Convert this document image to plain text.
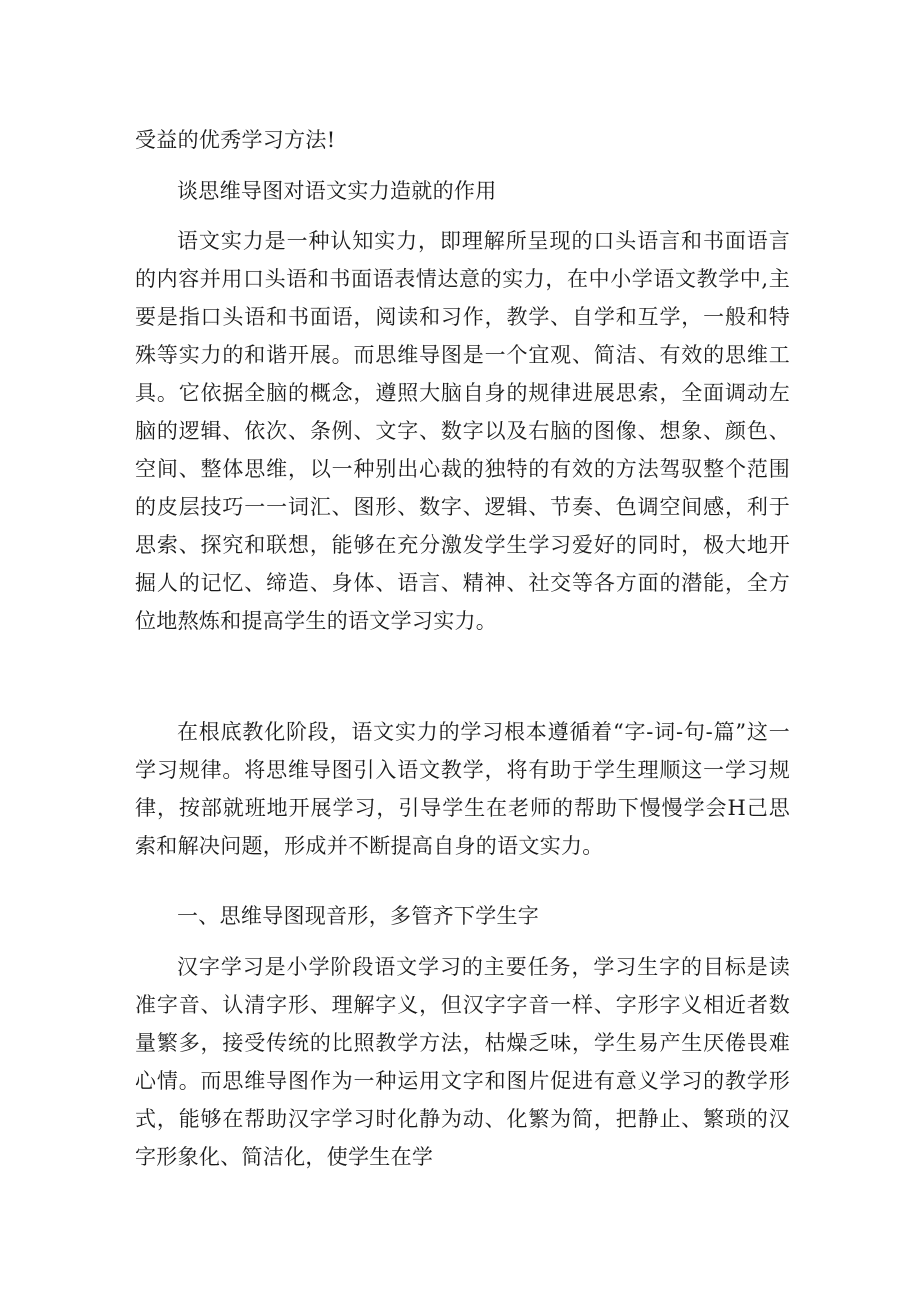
受益的优秀学习方法!

谈思维导图对语文实力造就的作用

语文实力是一种认知实力，即理解所呈现的口头语言和书面语言的内容并用口头语和书面语表情达意的实力，在中小学语文教学中,主要是指口头语和书面语，阅读和习作，教学、自学和互学，一般和特殊等实力的和谐开展。而思维导图是一个宜观、简洁、有效的思维工具。它依据全脑的概念，遵照大脑自身的规律进展思索，全面调动左脑的逻辑、依次、条例、文字、数字以及右脑的图像、想象、颜色、空间、整体思维，以一种别出心裁的独特的有效的方法驾驭整个范围的皮层技巧一一词汇、图形、数字、逻辑、节奏、色调空间感，利于思索、探究和联想，能够在充分激发学生学习爱好的同时，极大地开掘人的记忆、缔造、身体、语言、精神、社交等各方面的潜能，全方位地熬炼和提高学生的语文学习实力。

在根底教化阶段，语文实力的学习根本遵循着“字-词-句-篇”这一学习规律。将思维导图引入语文教学，将有助于学生理顺这一学习规律，按部就班地开展学习，引导学生在老师的帮助下慢慢学会H己思索和解决问题，形成并不断提高自身的语文实力。

一、思维导图现音形，多管齐下学生字

汉字学习是小学阶段语文学习的主要任务，学习生字的目标是读准字音、认清字形、理解字义，但汉字字音一样、字形字义相近者数量繁多，接受传统的比照教学方法，枯燥乏味，学生易产生厌倦畏难心情。而思维导图作为一种运用文字和图片促进有意义学习的教学形式，能够在帮助汉字学习时化静为动、化繁为简，把静止、繁琐的汉字形象化、简洁化，使学生在学
